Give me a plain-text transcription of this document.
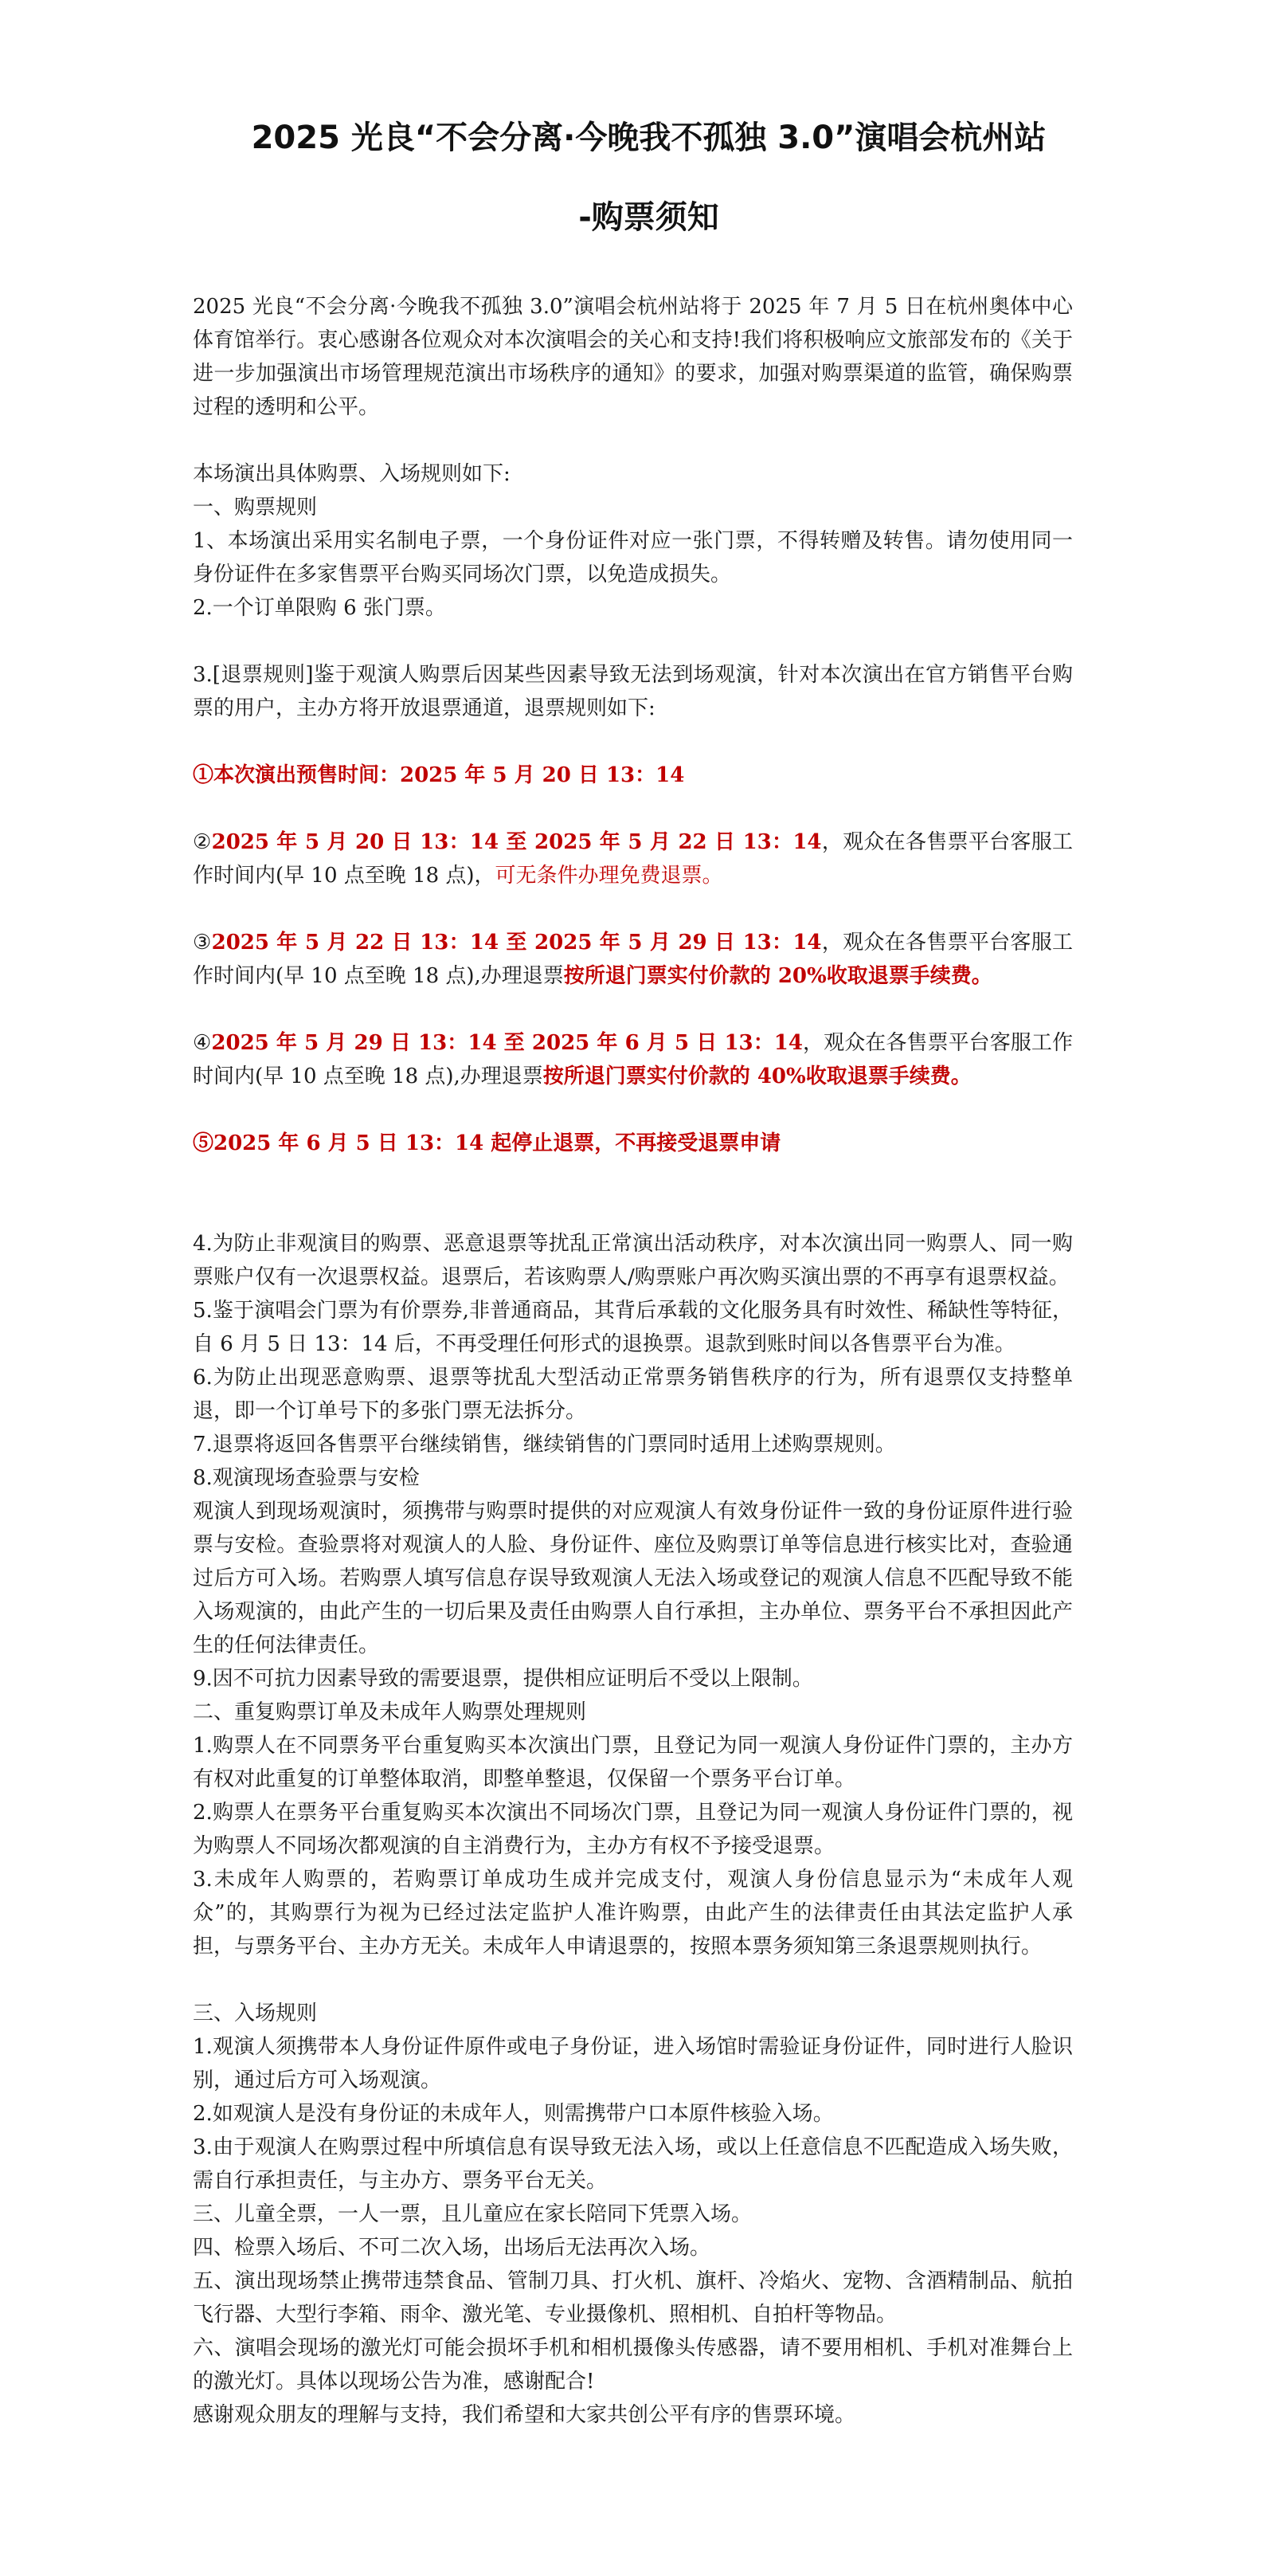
2025 光良“不会分离·今晚我不孤独 3.0”演唱会杭州站
-购票须知

2025 光良“不会分离·今晚我不孤独 3.0”演唱会杭州站将于 2025 年 7 月 5 日在杭州奥体中心体育馆举行。衷心感谢各位观众对本次演唱会的关心和支持!我们将积极响应文旅部发布的《关于进一步加强演出市场管理规范演出市场秩序的通知》的要求，加强对购票渠道的监管，确保购票过程的透明和公平。

本场演出具体购票、入场规则如下:

一、购票规则

1、本场演出采用实名制电子票，一个身份证件对应一张门票，不得转赠及转售。请勿使用同一身份证件在多家售票平台购买同场次门票，以免造成损失。

2.一个订单限购 6 张门票。

3.[退票规则]鉴于观演人购票后因某些因素导致无法到场观演，针对本次演出在官方销售平台购票的用户，主办方将开放退票通道，退票规则如下:

①本次演出预售时间：2025 年 5 月 20 日 13：14

②2025 年 5 月 20 日 13：14 至 2025 年 5 月 22 日 13：14，观众在各售票平台客服工作时间内(早 10 点至晚 18 点)，可无条件办理免费退票。

③2025 年 5 月 22 日 13：14 至 2025 年 5 月 29 日 13：14，观众在各售票平台客服工作时间内(早 10 点至晚 18 点),办理退票按所退门票实付价款的 20%收取退票手续费。

④2025 年 5 月 29 日 13：14 至 2025 年 6 月 5 日 13：14，观众在各售票平台客服工作时间内(早 10 点至晚 18 点),办理退票按所退门票实付价款的 40%收取退票手续费。

⑤2025 年 6 月 5 日 13：14 起停止退票，不再接受退票申请

4.为防止非观演目的购票、恶意退票等扰乱正常演出活动秩序，对本次演出同一购票人、同一购票账户仅有一次退票权益。退票后，若该购票人/购票账户再次购买演出票的不再享有退票权益。

5.鉴于演唱会门票为有价票券,非普通商品，其背后承载的文化服务具有时效性、稀缺性等特征，自 6 月 5 日 13：14 后，不再受理任何形式的退换票。退款到账时间以各售票平台为准。

6.为防止出现恶意购票、退票等扰乱大型活动正常票务销售秩序的行为，所有退票仅支持整单退，即一个订单号下的多张门票无法拆分。

7.退票将返回各售票平台继续销售，继续销售的门票同时适用上述购票规则。

8.观演现场查验票与安检

观演人到现场观演时，须携带与购票时提供的对应观演人有效身份证件一致的身份证原件进行验票与安检。查验票将对观演人的人脸、身份证件、座位及购票订单等信息进行核实比对，查验通过后方可入场。若购票人填写信息存误导致观演人无法入场或登记的观演人信息不匹配导致不能入场观演的，由此产生的一切后果及责任由购票人自行承担，主办单位、票务平台不承担因此产生的任何法律责任。

9.因不可抗力因素导致的需要退票，提供相应证明后不受以上限制。

二、重复购票订单及未成年人购票处理规则

1.购票人在不同票务平台重复购买本次演出门票，且登记为同一观演人身份证件门票的，主办方有权对此重复的订单整体取消，即整单整退，仅保留一个票务平台订单。

2.购票人在票务平台重复购买本次演出不同场次门票，且登记为同一观演人身份证件门票的，视为购票人不同场次都观演的自主消费行为，主办方有权不予接受退票。

3.未成年人购票的，若购票订单成功生成并完成支付，观演人身份信息显示为“未成年人观众”的，其购票行为视为已经过法定监护人准许购票，由此产生的法律责任由其法定监护人承担，与票务平台、主办方无关。未成年人申请退票的，按照本票务须知第三条退票规则执行。

三、入场规则

1.观演人须携带本人身份证件原件或电子身份证，进入场馆时需验证身份证件，同时进行人脸识别，通过后方可入场观演。

2.如观演人是没有身份证的未成年人，则需携带户口本原件核验入场。

3.由于观演人在购票过程中所填信息有误导致无法入场，或以上任意信息不匹配造成入场失败，需自行承担责任，与主办方、票务平台无关。

三、儿童全票，一人一票，且儿童应在家长陪同下凭票入场。

四、检票入场后、不可二次入场，出场后无法再次入场。

五、演出现场禁止携带违禁食品、管制刀具、打火机、旗杆、冷焰火、宠物、含酒精制品、航拍飞行器、大型行李箱、雨伞、激光笔、专业摄像机、照相机、自拍杆等物品。

六、演唱会现场的激光灯可能会损坏手机和相机摄像头传感器，请不要用相机、手机对准舞台上的激光灯。具体以现场公告为准，感谢配合!

感谢观众朋友的理解与支持，我们希望和大家共创公平有序的售票环境。
